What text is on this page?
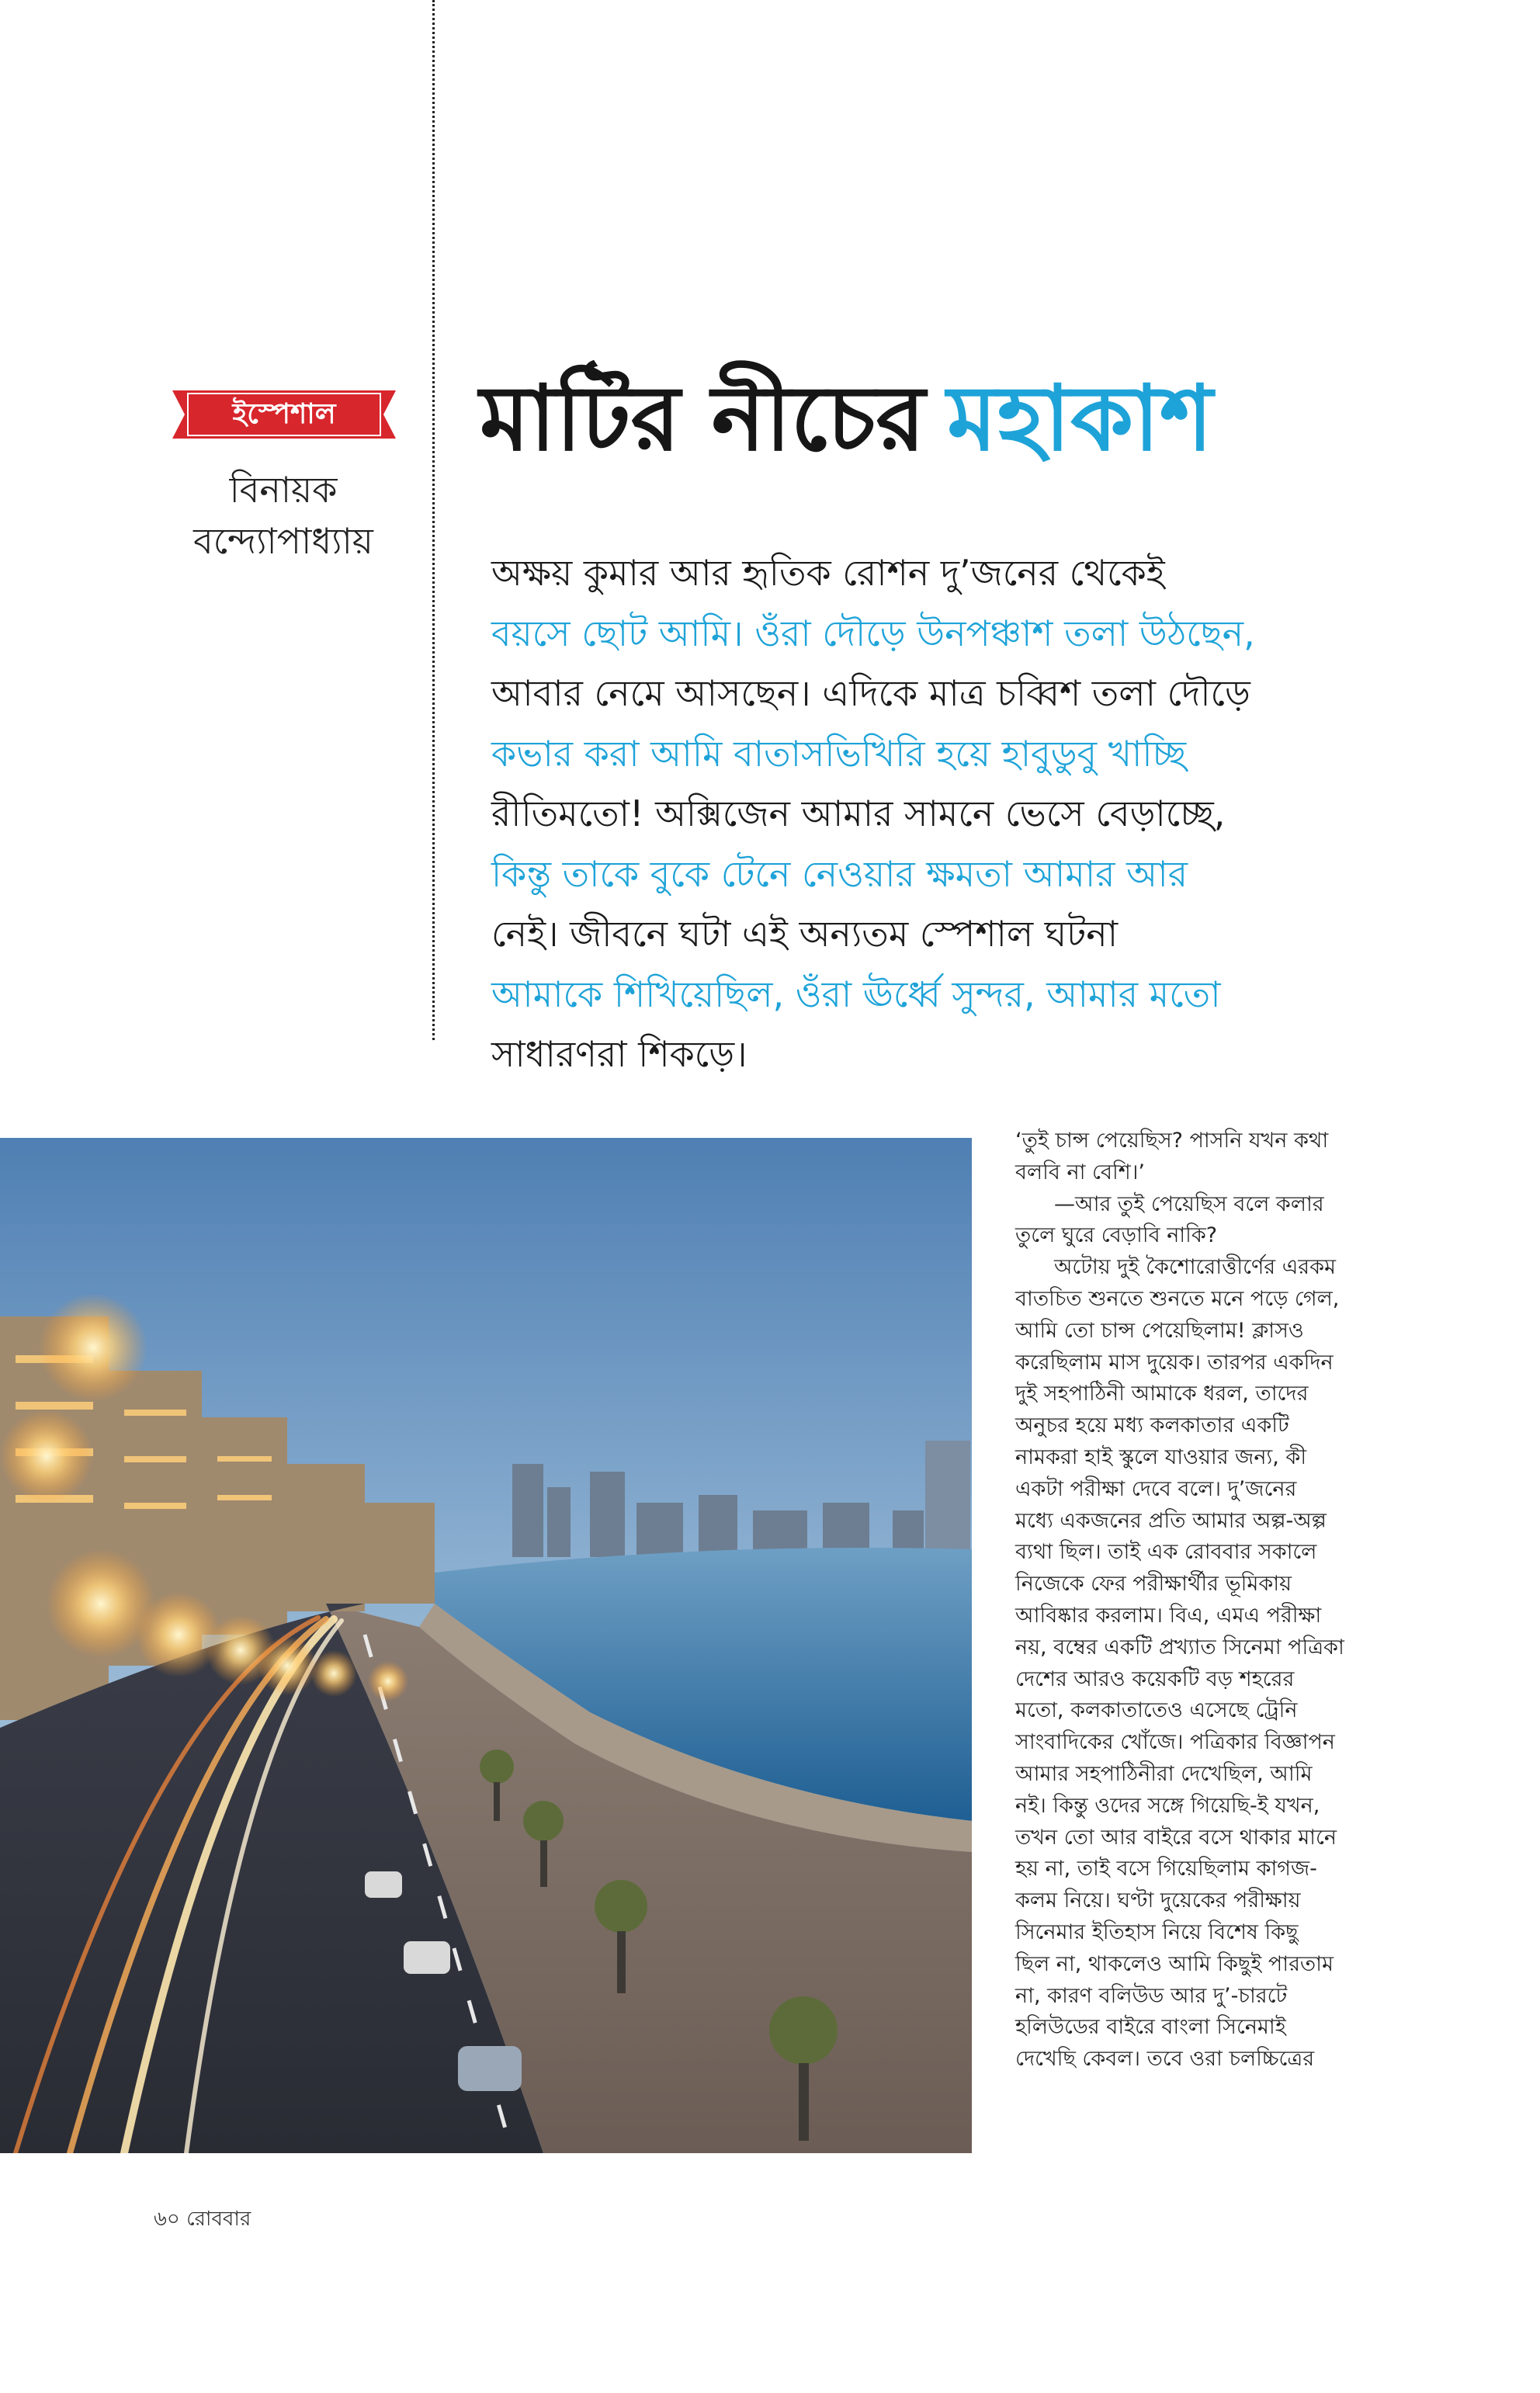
ইস্পেশাল
বিনায়ক
বন্দ্যোপাধ্যায়
মাটির নীচের মহাকাশ
অক্ষয় কুমার আর হৃতিক রোশন দু’জনের থেকেই
বয়সে ছোট আমি। ওঁরা দৌড়ে উনপঞ্চাশ তলা উঠছেন,
আবার নেমে আসছেন। এদিকে মাত্র চব্বিশ তলা দৌড়ে
কভার করা আমি বাতাসভিখিরি হয়ে হাবুডুবু খাচ্ছি
রীতিমতো! অক্সিজেন আমার সামনে ভেসে বেড়াচ্ছে,
কিন্তু তাকে বুকে টেনে নেওয়ার ক্ষমতা আমার আর
নেই। জীবনে ঘটা এই অন্যতম স্পেশাল ঘটনা
আমাকে শিখিয়েছিল, ওঁরা ঊর্ধ্বে সুন্দর, আমার মতো
সাধারণরা শিকড়ে।
‘তুই চান্স পেয়েছিস? পাসনি যখন কথা
বলবি না বেশি।’
—আর তুই পেয়েছিস বলে কলার
তুলে ঘুরে বেড়াবি নাকি?
অটোয় দুই কৈশোরোত্তীর্ণের এরকম
বাতচিত শুনতে শুনতে মনে পড়ে গেল,
আমি তো চান্স পেয়েছিলাম! ক্লাসও
করেছিলাম মাস দুয়েক। তারপর একদিন
দুই সহপাঠিনী আমাকে ধরল, তাদের
অনুচর হয়ে মধ্য কলকাতার একটি
নামকরা হাই স্কুলে যাওয়ার জন্য, কী
একটা পরীক্ষা দেবে বলে। দু’জনের
মধ্যে একজনের প্রতি আমার অল্প-অল্প
ব্যথা ছিল। তাই এক রোববার সকালে
নিজেকে ফের পরীক্ষার্থীর ভূমিকায়
আবিষ্কার করলাম। বিএ, এমএ পরীক্ষা
নয়, বম্বের একটি প্রখ্যাত সিনেমা পত্রিকা
দেশের আরও কয়েকটি বড় শহরের
মতো, কলকাতাতেও এসেছে ট্রেনি
সাংবাদিকের খোঁজে। পত্রিকার বিজ্ঞাপন
আমার সহপাঠিনীরা দেখেছিল, আমি
নই। কিন্তু ওদের সঙ্গে গিয়েছি-ই যখন,
তখন তো আর বাইরে বসে থাকার মানে
হয় না, তাই বসে গিয়েছিলাম কাগজ-
কলম নিয়ে। ঘণ্টা দুয়েকের পরীক্ষায়
সিনেমার ইতিহাস নিয়ে বিশেষ কিছু
ছিল না, থাকলেও আমি কিছুই পারতাম
না, কারণ বলিউড আর দু’-চারটে
হলিউডের বাইরে বাংলা সিনেমাই
দেখেছি কেবল। তবে ওরা চলচ্চিত্রের
৬০ রোববার
